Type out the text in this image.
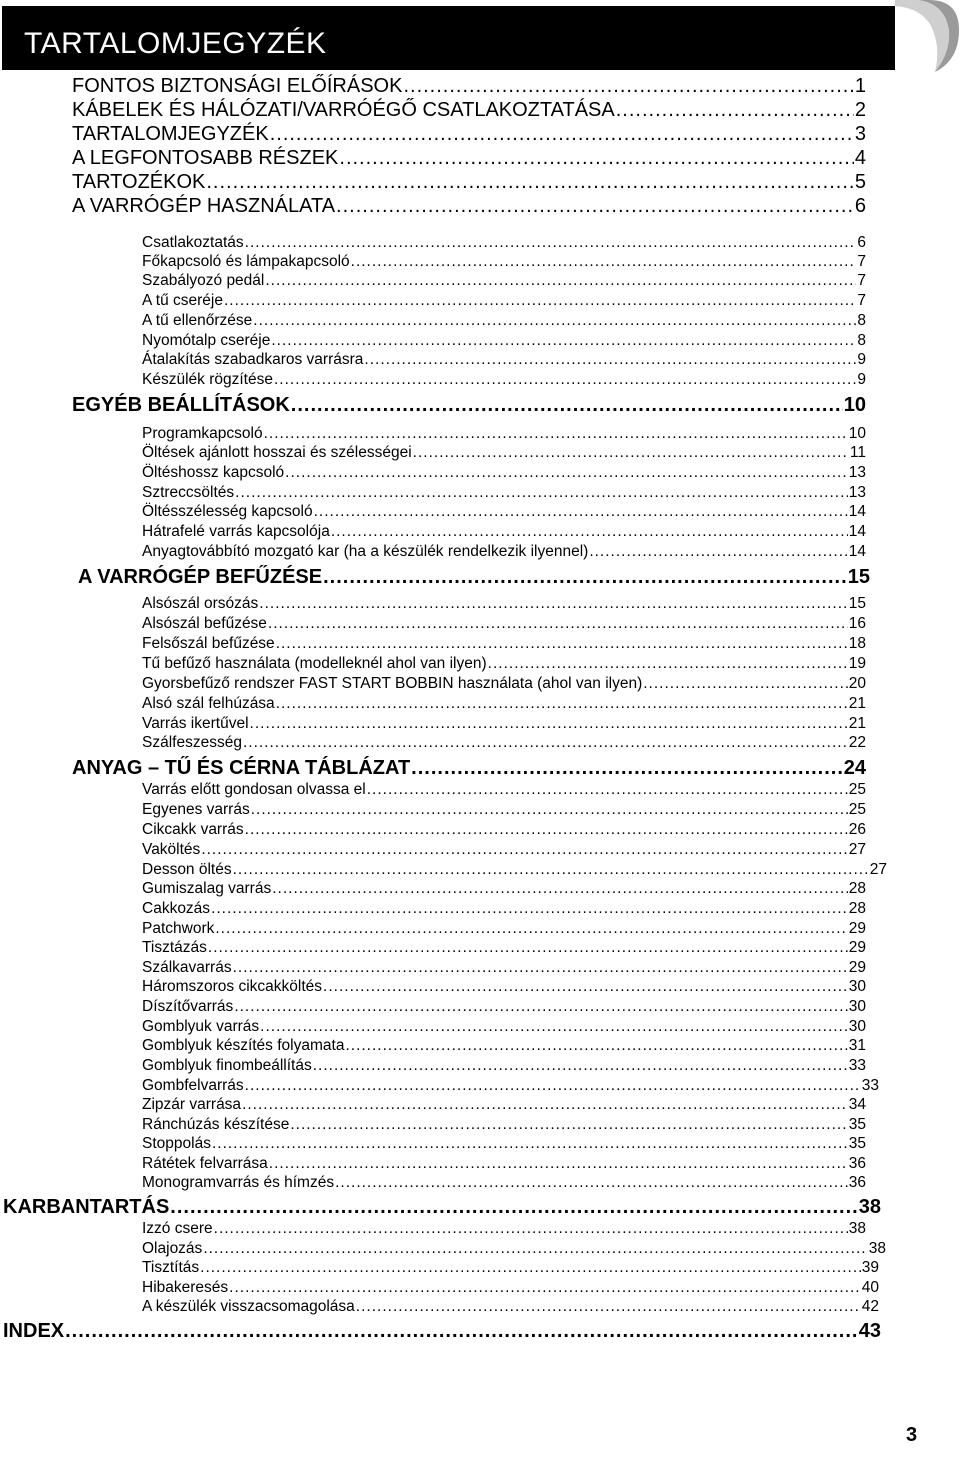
TARTALOMJEGYZÉK
FONTOS BIZTONSÁGI ELŐÍRÁSOK .....	1
KÁBELEK ÉS HÁLÓZATI/VARRÓÉGŐ CSATLAKOZTATÁSA .....	2
TARTALOMJEGYZÉK .....	3
A LEGFONTOSABB RÉSZEK .....	4
TARTOZÉKOK .....	5
A VARRÓGÉP HASZNÁLATA .....	6
Csatlakoztatás .....	6
Főkapcsoló és lámpakapcsoló .....	7
Szabályozó pedál .....	7
A tű cseréje .....	7
A tű ellenőrzése .....	8
Nyomótalp cseréje .....	8
Átalakítás szabadkaros varrásra .....	9
Készülék rögzítése .....	9
EGYÉB BEÁLLÍTÁSOK .....	10
Programkapcsoló .....	10
Öltések ajánlott hosszai és szélességei .....	11
Öltéshossz kapcsoló .....	13
Sztreccsöltés .....	13
Öltésszélesség kapcsoló .....	14
Hátrafelé varrás kapcsolója .....	14
Anyagtovábbító mozgató kar (ha a készülék rendelkezik ilyennel) .....	14
A VARRÓGÉP BEFŰZÉSE .....	15
Alsószál orsózás .....	15
Alsószál befűzése .....	16
Felsőszál befűzése .....	18
Tű befűző használata (modelleknél ahol van ilyen) .....	19
Gyorsbefűző rendszer FAST START BOBBIN használata (ahol van ilyen) .....	20
Alsó szál felhúzása .....	21
Varrás ikertűvel .....	21
Szálfeszesség .....	22
ANYAG – TŰ ÉS CÉRNA TÁBLÁZAT .....	24
Varrás előtt gondosan olvassa el .....	25
Egyenes varrás .....	25
Cikcakk varrás .....	26
Vaköltés .....	27
Desson öltés .....	27
Gumiszalag varrás .....	28
Cakkozás .....	28
Patchwork .....	29
Tisztázás .....	29
Szálkavarrás .....	29
Háromszoros cikcakköltés .....	30
Díszítővarrás .....	30
Gomblyuk varrás .....	30
Gomblyuk készítés folyamata .....	31
Gomblyuk finombeállítás .....	33
Gombfelvarrás .....	33
Zipzár varrása .....	34
Ránchúzás készítése .....	35
Stoppolás .....	35
Rátétek felvarrása .....	36
Monogramvarrás és hímzés .....	36
KARBANTARTÁS .....	38
Izzó csere .....	38
Olajozás .....	38
Tisztítás .....	39
Hibakeresés .....	40
A készülék visszacsomagolása .....	42
INDEX .....	43
3
